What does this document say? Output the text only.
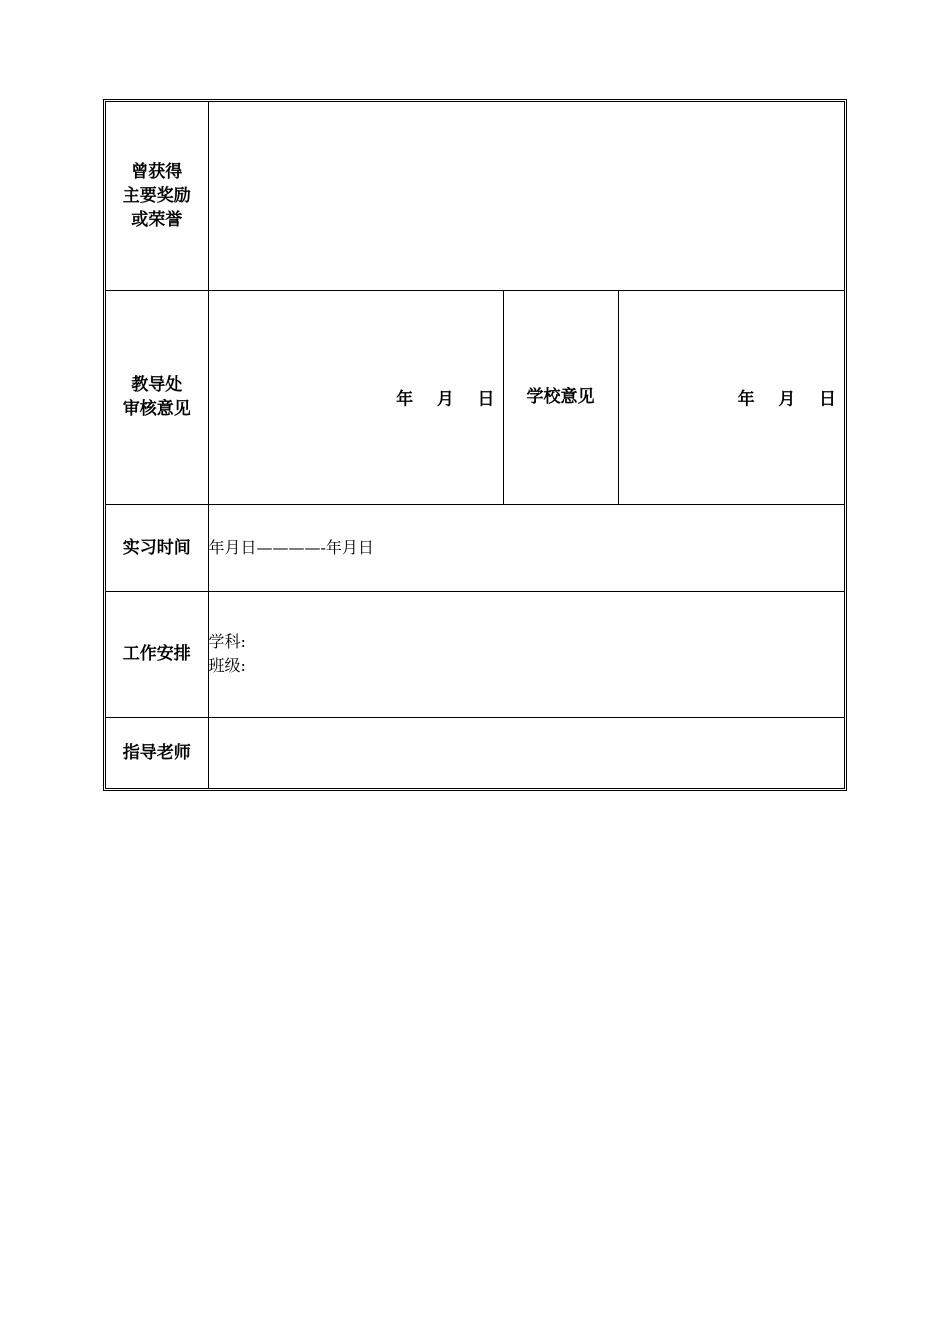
曾获得
主要奖励
或荣誉			

教导处
审核意见	年    月    日	学校意见	年    月    日

实习时间	年月日————-年月日		
工作安排	学科:
班级:		

指导老师			
